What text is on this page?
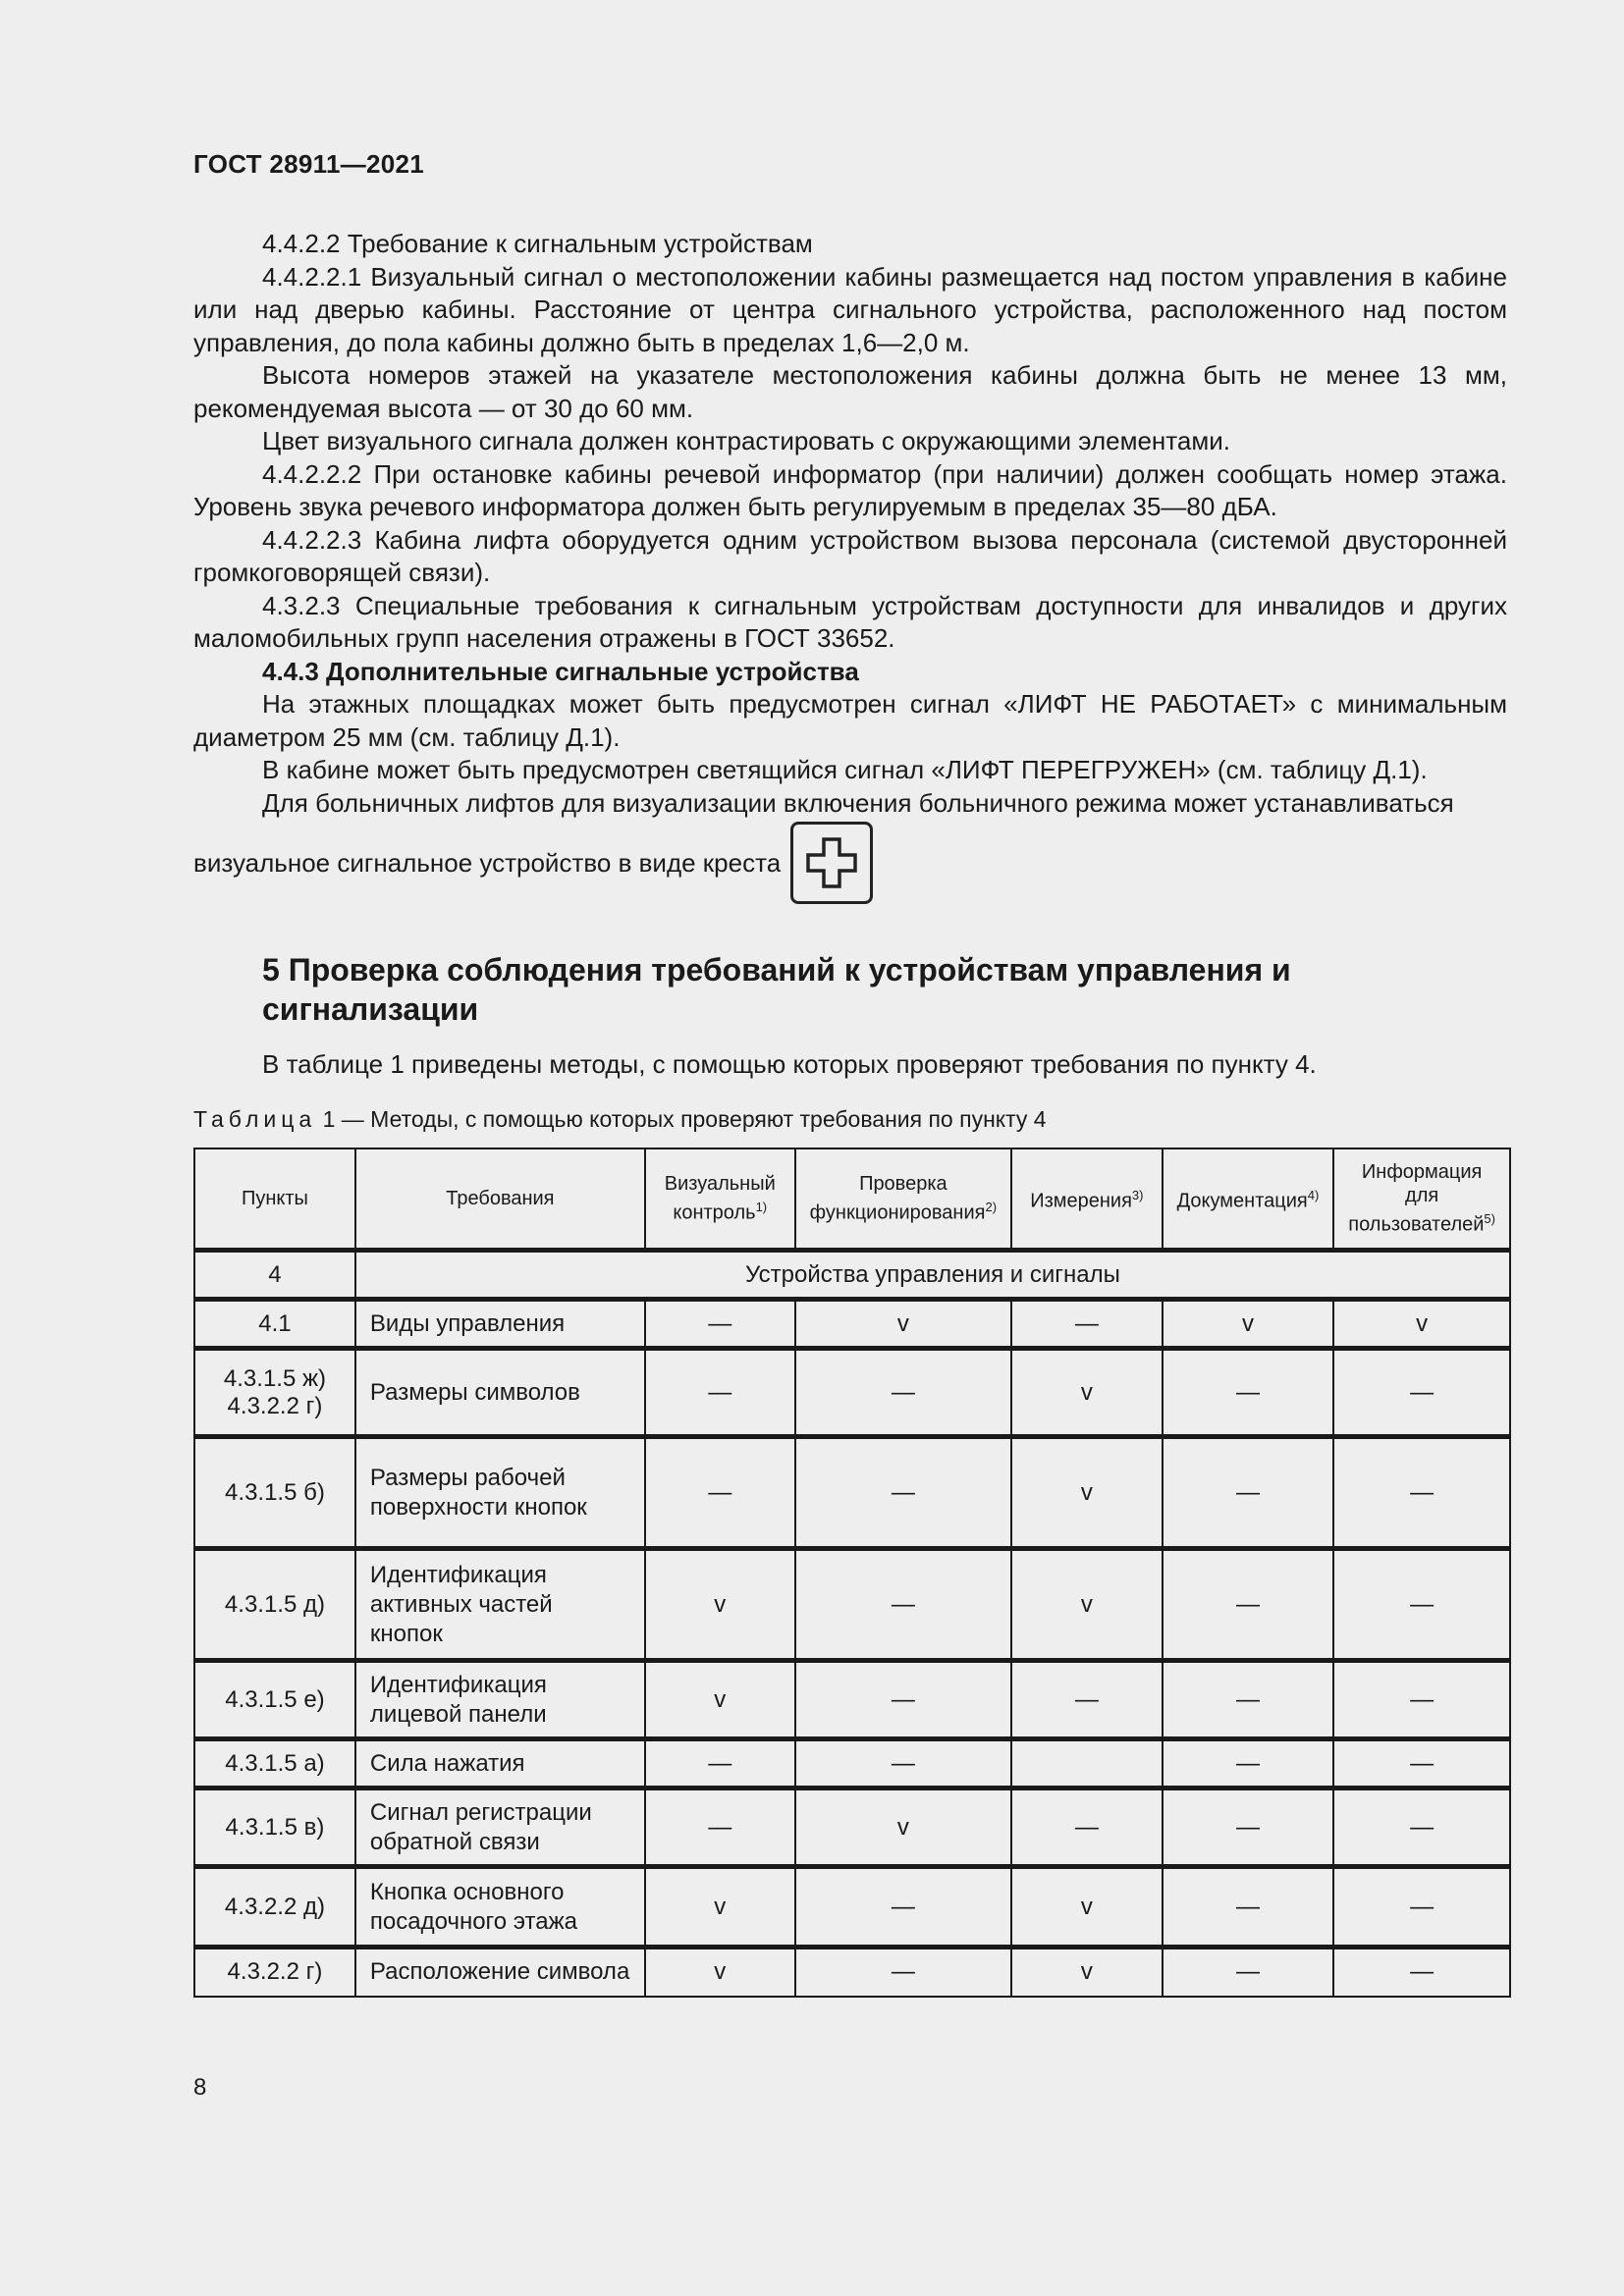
ГОСТ 28911—2021

4.4.2.2 Требование к сигнальным устройствам

4.4.2.2.1 Визуальный сигнал о местоположении кабины размещается над постом управления в кабине или над дверью кабины. Расстояние от центра сигнального устройства, расположенного над постом управления, до пола кабины должно быть в пределах 1,6—2,0 м.

Высота номеров этажей на указателе местоположения кабины должна быть не менее 13 мм, рекомендуемая высота — от 30 до 60 мм.

Цвет визуального сигнала должен контрастировать с окружающими элементами.

4.4.2.2.2 При остановке кабины речевой информатор (при наличии) должен сообщать номер этажа. Уровень звука речевого информатора должен быть регулируемым в пределах 35—80 дБА.

4.4.2.2.3 Кабина лифта оборудуется одним устройством вызова персонала (системой двусторонней громкоговорящей связи).

4.3.2.3 Специальные требования к сигнальным устройствам доступности для инвалидов и других маломобильных групп населения отражены в ГОСТ 33652.

4.4.3 Дополнительные сигнальные устройства

На этажных площадках может быть предусмотрен сигнал «ЛИФТ НЕ РАБОТАЕТ» с минимальным диаметром 25 мм (см. таблицу Д.1).

В кабине может быть предусмотрен светящийся сигнал «ЛИФТ ПЕРЕГРУЖЕН» (см. таблицу Д.1).

Для больничных лифтов для визуализации включения больничного режима может устанавливаться

визуальное сигнальное устройство в виде креста
5 Проверка соблюдения требований к устройствам управления и сигнализации
В таблице 1 приведены методы, с помощью которых проверяют требования по пункту 4.
Таблица 1 — Методы, с помощью которых проверяют требования по пункту 4
Пункты	Требования	Визуальный контроль$^{1)}$	Проверка функционирования$^{2)}$	Измерения$^{3)}$	Документация$^{4)}$	Информация для пользователей$^{5)}$
4	Устройства управления и сигналы					
4.1	Виды управления	—	v	—	v	v
4.3.1.5 ж)
4.3.2.2 г)	Размеры символов	—	—	v	—	—
4.3.1.5 б)	Размеры рабочей поверхности кнопок	—	—	v	—	—
4.3.1.5 д)	Идентификация активных частей кнопок	v	—	v	—	—
4.3.1.5 е)	Идентификация лицевой панели	v	—	—	—	—
4.3.1.5 а)	Сила нажатия	—	—		—	—
4.3.1.5 в)	Сигнал регистрации обратной связи	—	v	—	—	—
4.3.2.2 д)	Кнопка основного посадочного этажа	v	—	v	—	—
4.3.2.2 г)	Расположение символа	v	—	v	—	—
8
